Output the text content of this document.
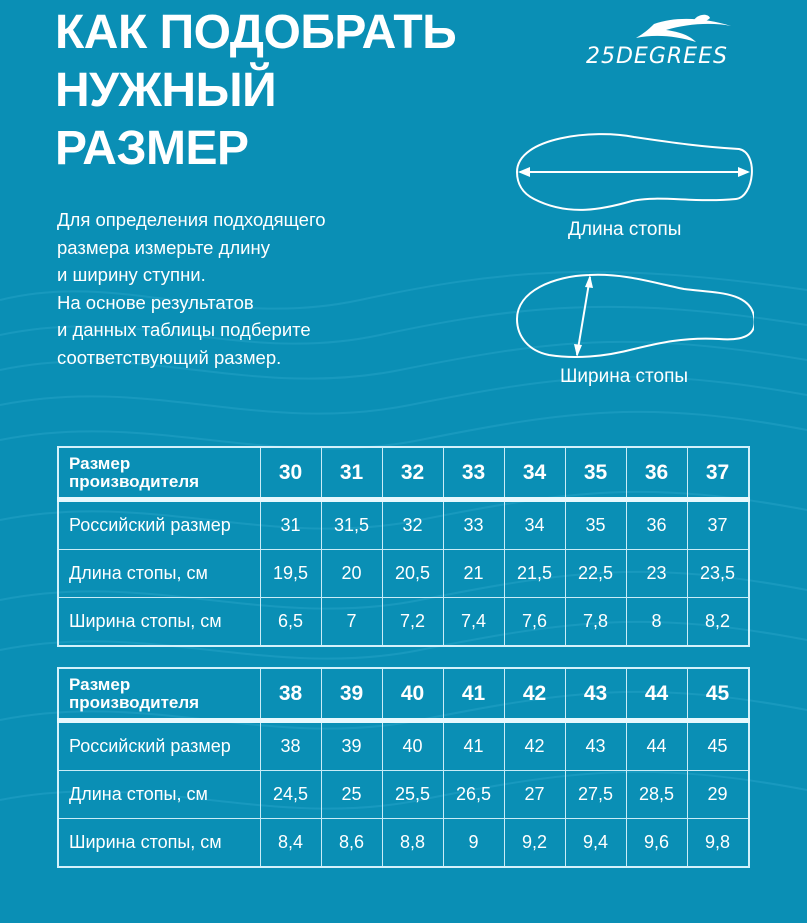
КАК ПОДОБРАТЬ
НУЖНЫЙ
РАЗМЕР
25DEGREES
Для определения подходящего
размера измерьте длину
и ширину ступни.
На основе результатов
и данных таблицы подберите
соответствующий размер.
Длина стопы
Ширина стопы
Размер
производителя	30	31	32	33	34	35	36	37
Российский размер	31	31,5	32	33	34	35	36	37
Длина стопы, см	19,5	20	20,5	21	21,5	22,5	23	23,5
Ширина стопы, см	6,5	7	7,2	7,4	7,6	7,8	8	8,2
Размер
производителя	38	39	40	41	42	43	44	45
Российский размер	38	39	40	41	42	43	44	45
Длина стопы, см	24,5	25	25,5	26,5	27	27,5	28,5	29
Ширина стопы, см	8,4	8,6	8,8	9	9,2	9,4	9,6	9,8
